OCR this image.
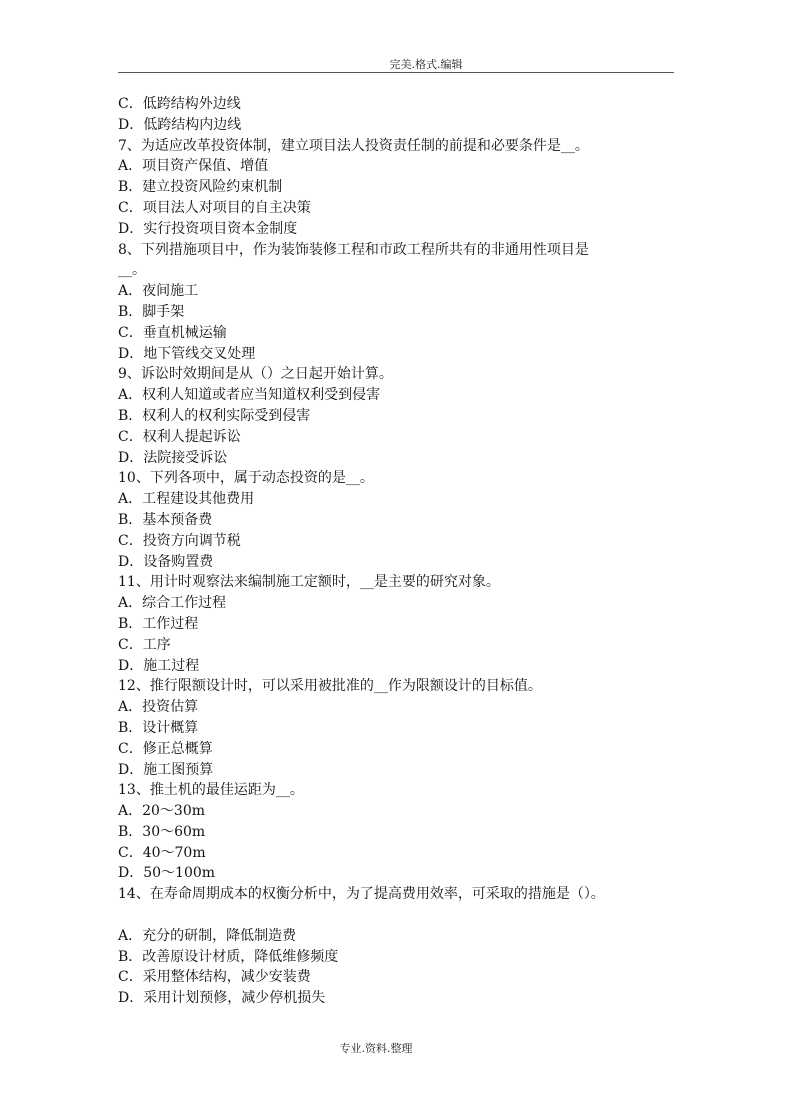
完美.格式.编辑
C．低跨结构外边线
D．低跨结构内边线
7、为适应改革投资体制，建立项目法人投资责任制的前提和必要条件是__。
A．项目资产保值、增值
B．建立投资风险约束机制
C．项目法人对项目的自主决策
D．实行投资项目资本金制度
8、下列措施项目中，作为装饰装修工程和市政工程所共有的非通用性项目是
__。
A．夜间施工
B．脚手架
C．垂直机械运输
D．地下管线交叉处理
9、诉讼时效期间是从（）之日起开始计算。
A．权利人知道或者应当知道权利受到侵害
B．权利人的权利实际受到侵害
C．权利人提起诉讼
D．法院接受诉讼
10、下列各项中，属于动态投资的是__。
A．工程建设其他费用
B．基本预备费
C．投资方向调节税
D．设备购置费
11、用计时观察法来编制施工定额时，__是主要的研究对象。
A．综合工作过程
B．工作过程
C．工序
D．施工过程
12、推行限额设计时，可以采用被批准的__作为限额设计的目标值。
A．投资估算
B．设计概算
C．修正总概算
D．施工图预算
13、推土机的最佳运距为__。
A．20～30m
B．30～60m
C．40～70m
D．50～100m
14、在寿命周期成本的权衡分析中，为了提高费用效率，可采取的措施是（）。
A．充分的研制，降低制造费
B．改善原设计材质，降低维修频度
C．采用整体结构，减少安装费
D．采用计划预修，减少停机损失
专业.资料.整理
